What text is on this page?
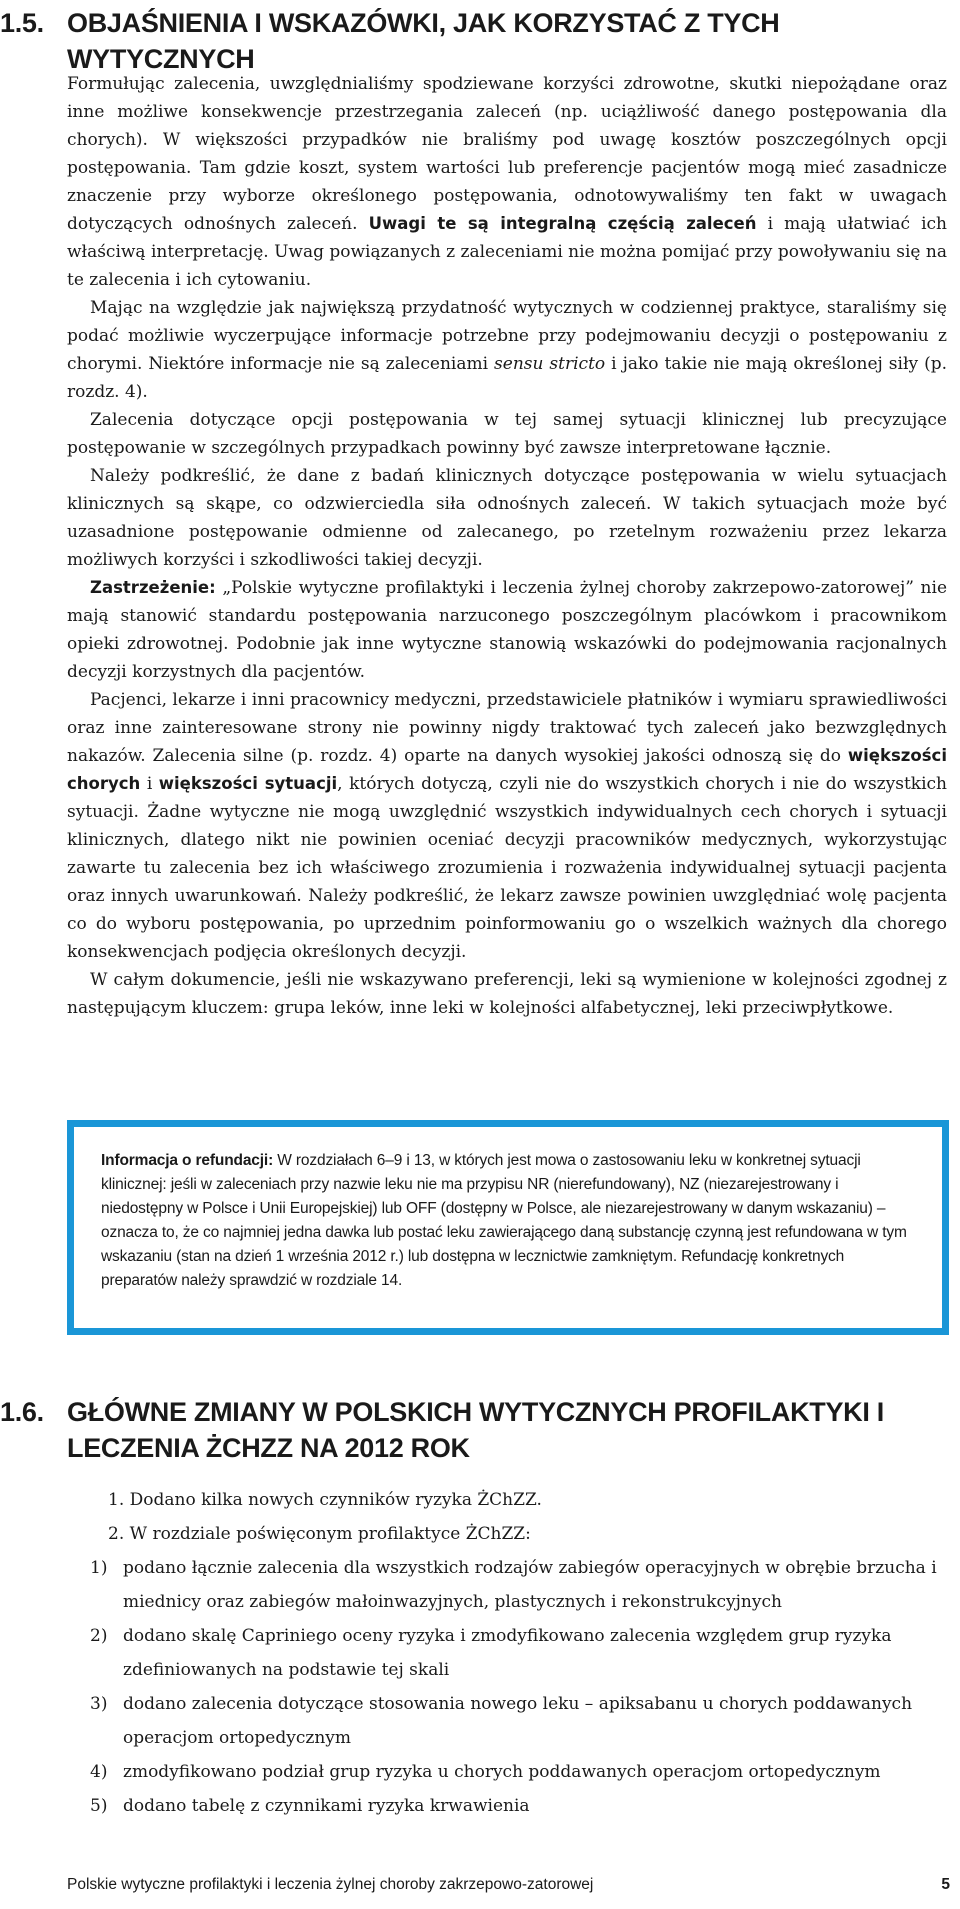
1.5. OBJAŚNIENIA I WSKAZÓWKI, JAK KORZYSTAĆ Z TYCH WYTYCZNYCH

Formułując zalecenia, uwzględnialiśmy spodziewane korzyści zdrowotne, skutki niepożądane oraz inne możliwe konsekwencje przestrzegania zaleceń (np. uciążliwość danego postępowania dla chorych). W większości przypadków nie braliśmy pod uwagę kosztów poszczególnych opcji postępowania. Tam gdzie koszt, system wartości lub preferencje pacjentów mogą mieć zasadnicze znaczenie przy wyborze określonego postępowania, odnotowywaliśmy ten fakt w uwagach dotyczących odnośnych zaleceń. Uwagi te są integralną częścią zaleceń i mają ułatwiać ich właściwą interpretację. Uwag powiązanych z zaleceniami nie można pomijać przy powoływaniu się na te zalecenia i ich cytowaniu.

Mając na względzie jak największą przydatność wytycznych w codziennej praktyce, staraliśmy się podać możliwie wyczerpujące informacje potrzebne przy podejmowaniu decyzji o postępowaniu z chorymi. Niektóre informacje nie są zaleceniami sensu stricto i jako takie nie mają określonej siły (p. rozdz. 4).

Zalecenia dotyczące opcji postępowania w tej samej sytuacji klinicznej lub precyzujące postępowanie w szczególnych przypadkach powinny być zawsze interpretowane łącznie.

Należy podkreślić, że dane z badań klinicznych dotyczące postępowania w wielu sytuacjach klinicznych są skąpe, co odzwierciedla siła odnośnych zaleceń. W takich sytuacjach może być uzasadnione postępowanie odmienne od zalecanego, po rzetelnym rozważeniu przez lekarza możliwych korzyści i szkodliwości takiej decyzji.

Zastrzeżenie: „Polskie wytyczne profilaktyki i leczenia żylnej choroby zakrzepowo-zatorowej” nie mają stanowić standardu postępowania narzuconego poszczególnym placówkom i pracownikom opieki zdrowotnej. Podobnie jak inne wytyczne stanowią wskazówki do podejmowania racjonalnych decyzji korzystnych dla pacjentów.

Pacjenci, lekarze i inni pracownicy medyczni, przedstawiciele płatników i wymiaru sprawiedliwości oraz inne zainteresowane strony nie powinny nigdy traktować tych zaleceń jako bezwzględnych nakazów. Zalecenia silne (p. rozdz. 4) oparte na danych wysokiej jakości odnoszą się do większości chorych i większości sytuacji, których dotyczą, czyli nie do wszystkich chorych i nie do wszystkich sytuacji. Żadne wytyczne nie mogą uwzględnić wszystkich indywidualnych cech chorych i sytuacji klinicznych, dlatego nikt nie powinien oceniać decyzji pracowników medycznych, wykorzystując zawarte tu zalecenia bez ich właściwego zrozumienia i rozważenia indywidualnej sytuacji pacjenta oraz innych uwarunkowań. Należy podkreślić, że lekarz zawsze powinien uwzględniać wolę pacjenta co do wyboru postępowania, po uprzednim poinformowaniu go o wszelkich ważnych dla chorego konsekwencjach podjęcia określonych decyzji.

W całym dokumencie, jeśli nie wskazywano preferencji, leki są wymienione w kolejności zgodnej z następującym kluczem: grupa leków, inne leki w kolejności alfabetycznej, leki przeciwpłytkowe.

Informacja o refundacji: W rozdziałach 6–9 i 13, w których jest mowa o zastosowaniu leku w konkretnej sytuacji klinicznej: jeśli w zaleceniach przy nazwie leku nie ma przypisu NR (nierefundowany), NZ (niezarejestrowany i niedostępny w Polsce i Unii Europejskiej) lub OFF (dostępny w Polsce, ale niezarejestrowany w danym wskazaniu) – oznacza to, że co najmniej jedna dawka lub postać leku zawierającego daną substancję czynną jest refundowana w tym wskazaniu (stan na dzień 1 września 2012 r.) lub dostępna w lecznictwie zamkniętym. Refundację konkretnych preparatów należy sprawdzić w rozdziale 14.
1.6. GŁÓWNE ZMIANY W POLSKICH WYTYCZNYCH PROFILAKTYKI I LECZENIA ŻCHZZ NA 2012 ROK
1. Dodano kilka nowych czynników ryzyka ŻChZZ.
2. W rozdziale poświęconym profilaktyce ŻChZZ:
1) podano łącznie zalecenia dla wszystkich rodzajów zabiegów operacyjnych w obrębie brzucha i miednicy oraz zabiegów małoinwazyjnych, plastycznych i rekonstrukcyjnych
2) dodano skalę Capriniego oceny ryzyka i zmodyfikowano zalecenia względem grup ryzyka zdefiniowanych na podstawie tej skali
3) dodano zalecenia dotyczące stosowania nowego leku – apiksabanu u chorych poddawanych operacjom ortopedycznym
4) zmodyfikowano podział grup ryzyka u chorych poddawanych operacjom ortopedycznym
5) dodano tabelę z czynnikami ryzyka krwawienia
Polskie wytyczne profilaktyki i leczenia żylnej choroby zakrzepowo-zatorowej	5
